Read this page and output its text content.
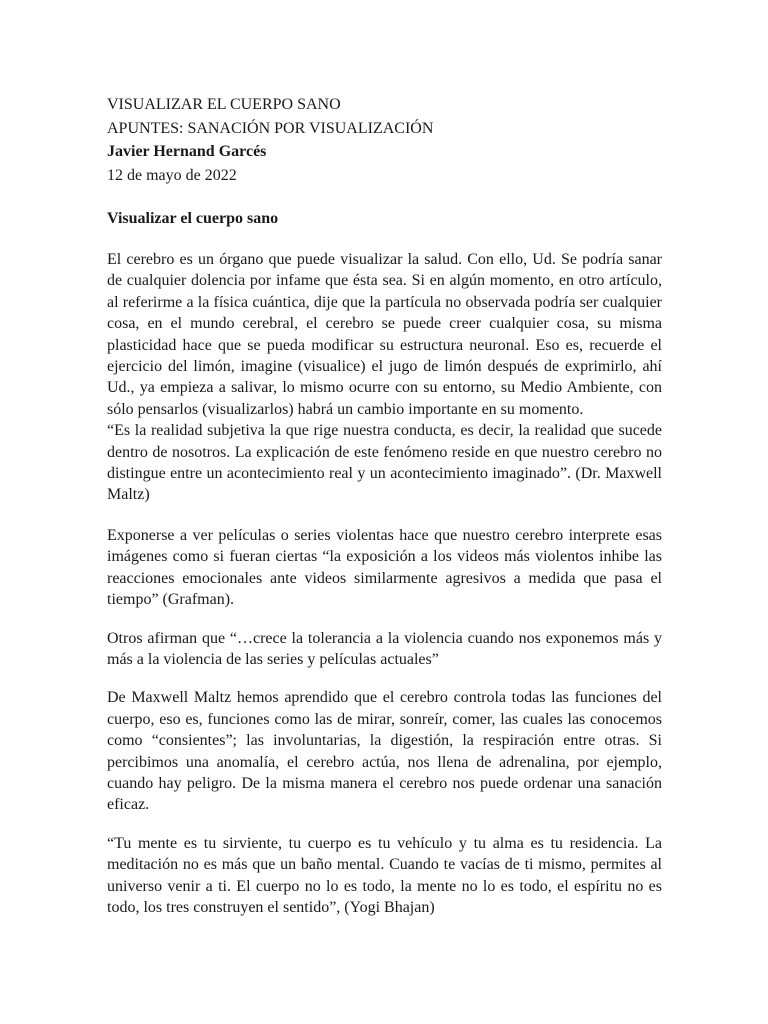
VISUALIZAR EL CUERPO SANO

APUNTES: SANACIÓN POR VISUALIZACIÓN

Javier Hernand Garcés

12 de mayo de 2022

Visualizar el cuerpo sano

El cerebro es un órgano que puede visualizar la salud. Con ello, Ud. Se podría sanar de cualquier dolencia por infame que ésta sea. Si en algún momento, en otro artículo, al referirme a la física cuántica, dije que la partícula no observada podría ser cualquier cosa, en el mundo cerebral, el cerebro se puede creer cualquier cosa, su misma plasticidad hace que se pueda modificar su estructura neuronal. Eso es, recuerde el ejercicio del limón, imagine (visualice) el jugo de limón después de exprimirlo, ahí Ud., ya empieza a salivar, lo mismo ocurre con su entorno, su Medio Ambiente, con sólo pensarlos (visualizarlos) habrá un cambio importante en su momento.

“Es la realidad subjetiva la que rige nuestra conducta, es decir, la realidad que sucede dentro de nosotros. La explicación de este fenómeno reside en que nuestro cerebro no distingue entre un acontecimiento real y un acontecimiento imaginado”. (Dr. Maxwell Maltz)

Exponerse a ver películas o series violentas hace que nuestro cerebro interprete esas imágenes como si fueran ciertas “la exposición a los videos más violentos inhibe las reacciones emocionales ante videos similarmente agresivos a medida que pasa el tiempo” (Grafman).

Otros afirman que “…crece la tolerancia a la violencia cuando nos exponemos más y más a la violencia de las series y películas actuales”

De Maxwell Maltz hemos aprendido que el cerebro controla todas las funciones del cuerpo, eso es, funciones como las de mirar, sonreír, comer, las cuales las conocemos como “consientes”; las involuntarias, la digestión, la respiración entre otras. Si percibimos una anomalía, el cerebro actúa, nos llena de adrenalina, por ejemplo, cuando hay peligro. De la misma manera el cerebro nos puede ordenar una sanación eficaz.

“Tu mente es tu sirviente, tu cuerpo es tu vehículo y tu alma es tu residencia. La meditación no es más que un baño mental. Cuando te vacías de ti mismo, permites al universo venir a ti. El cuerpo no lo es todo, la mente no lo es todo, el espíritu no es todo, los tres construyen el sentido”, (Yogi Bhajan)
